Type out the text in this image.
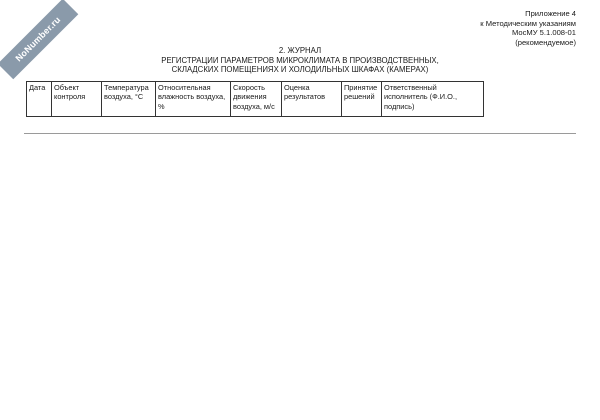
NoNumber.ru
Приложение 4
к Методическим указаниям
МосМУ 5.1.008-01
(рекомендуемое)
2. ЖУРНАЛ
РЕГИСТРАЦИИ ПАРАМЕТРОВ МИКРОКЛИМАТА В ПРОИЗВОДСТВЕННЫХ,
СКЛАДСКИХ ПОМЕЩЕНИЯХ И ХОЛОДИЛЬНЫХ ШКАФАХ (КАМЕРАХ)
Дата	Объект контроля	Температура воздуха, °С	Относительная влажность воздуха, %	Скорость движения воздуха, м/с	Оценка результатов	Принятие решений	Ответственный исполнитель (Ф.И.О., подпись)
